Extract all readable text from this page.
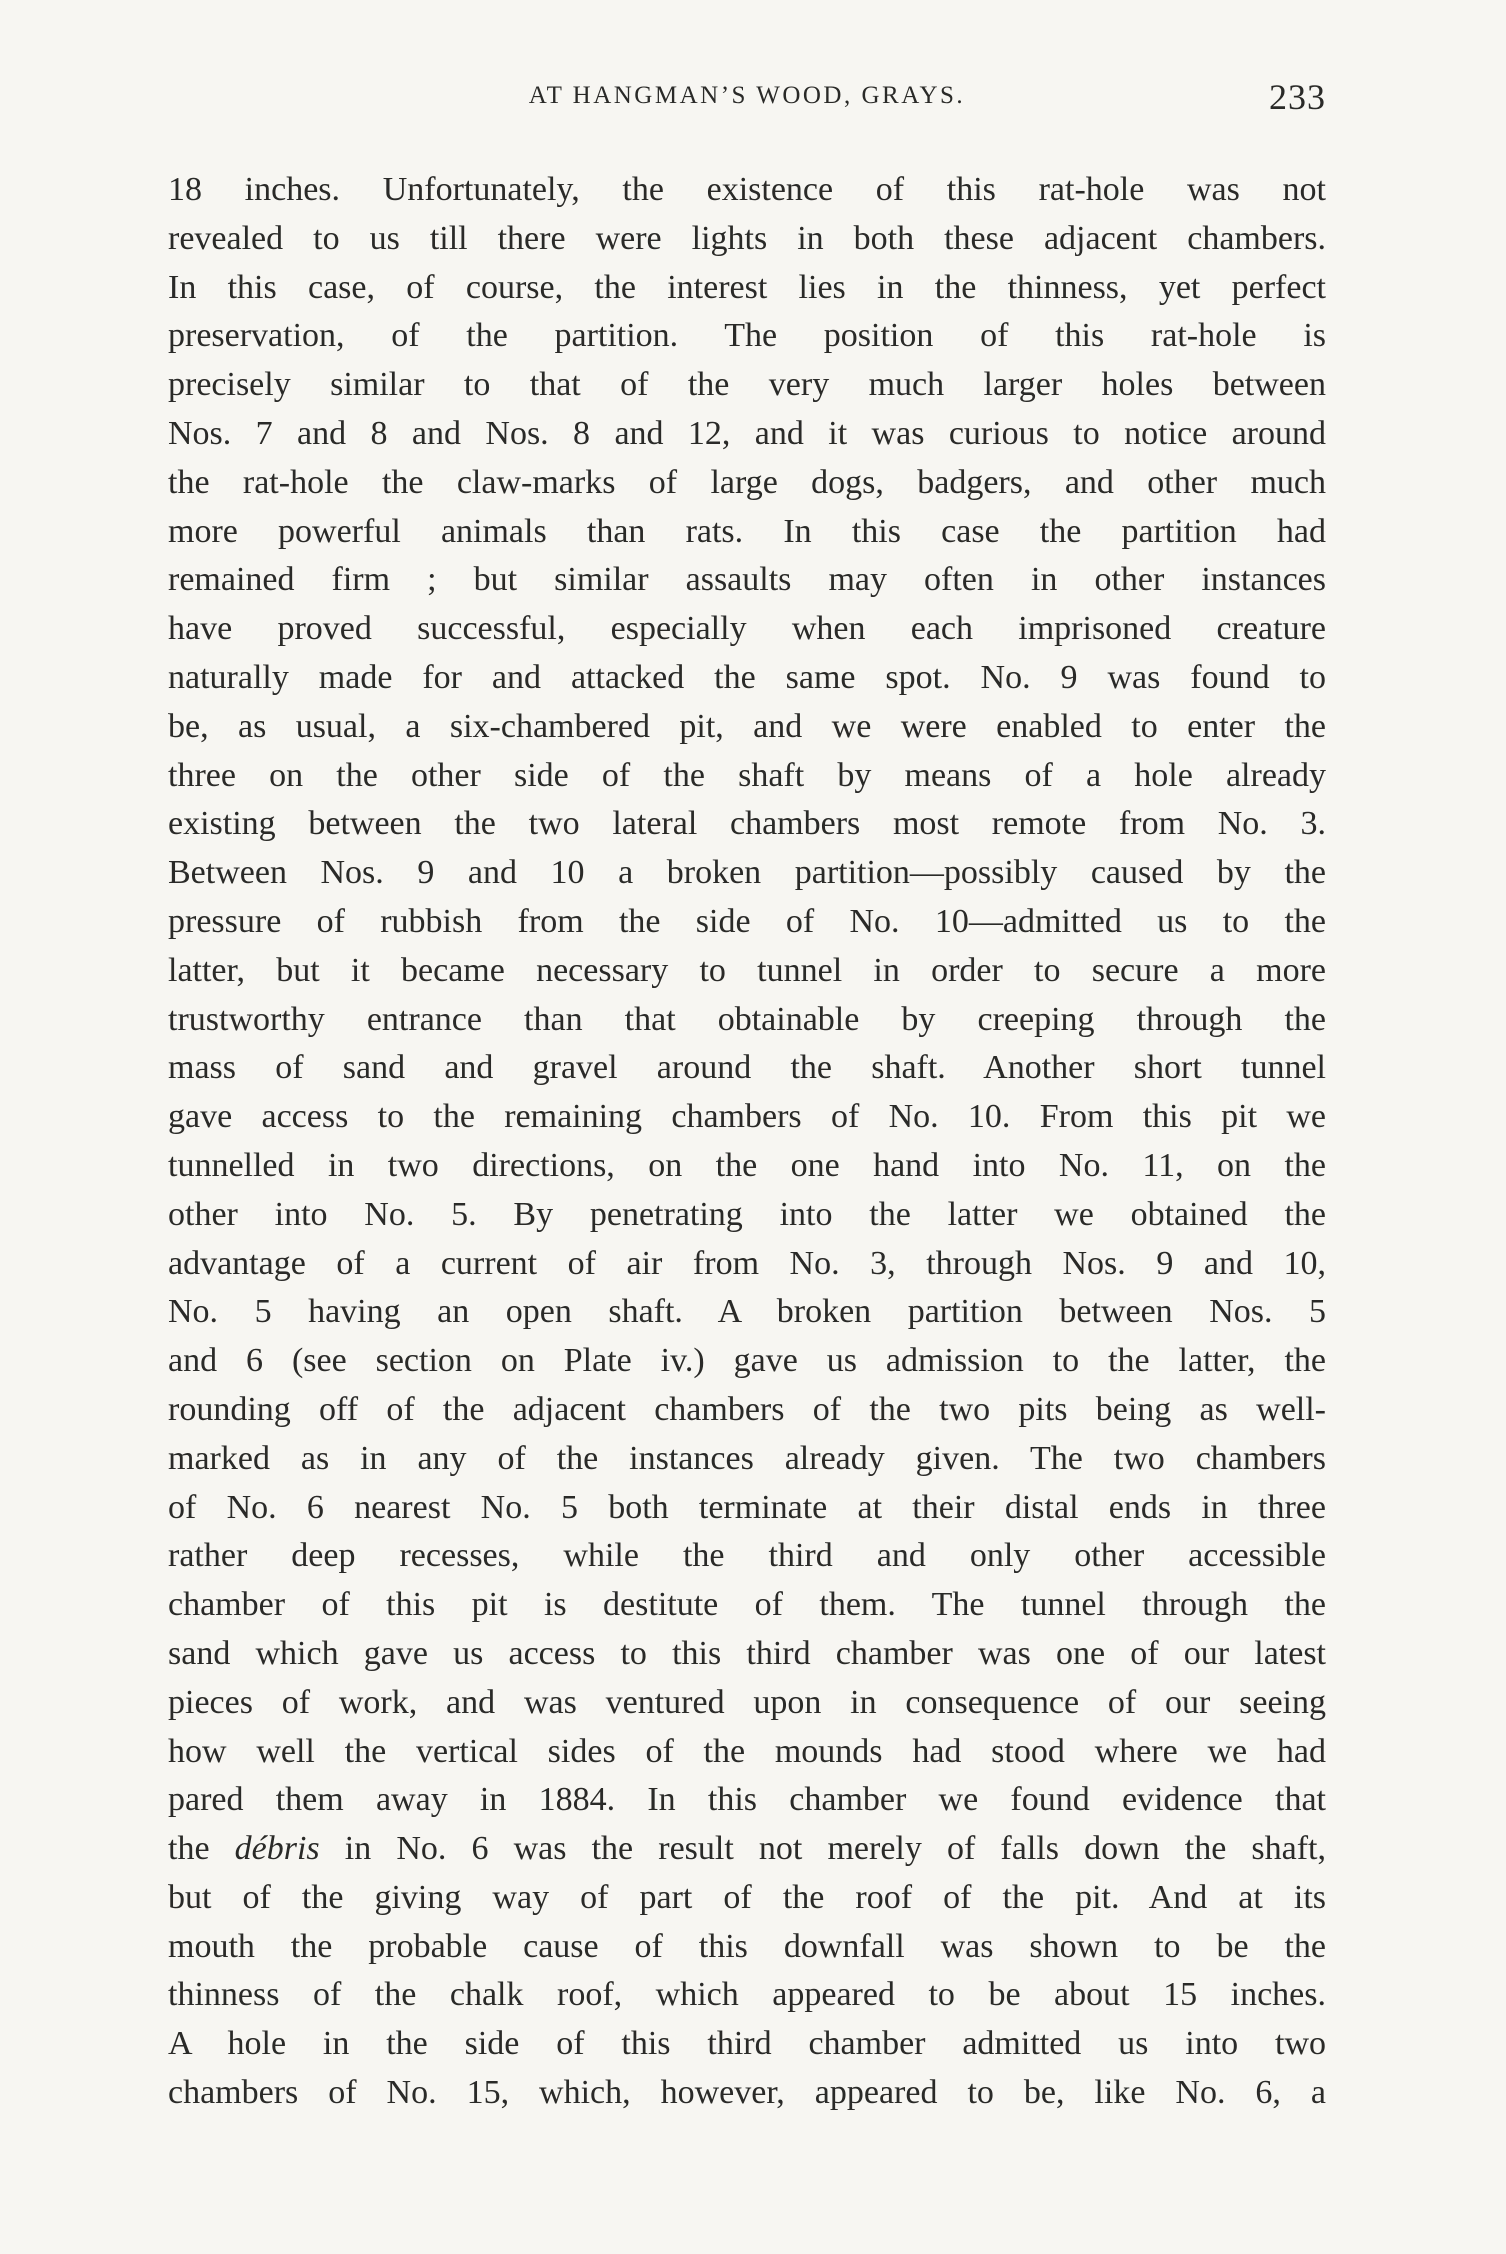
AT HANGMAN’S WOOD, GRAYS.	233
18 inches. Unfortunately, the existence of this rat-hole was not
revealed to us till there were lights in both these adjacent chambers.
In this case, of course, the interest lies in the thinness, yet perfect
preservation, of the partition. The position of this rat-hole is
precisely similar to that of the very much larger holes between
Nos. 7 and 8 and Nos. 8 and 12, and it was curious to notice around
the rat-hole the claw-marks of large dogs, badgers, and other much
more powerful animals than rats. In this case the partition had
remained firm ; but similar assaults may often in other instances
have proved successful, especially when each imprisoned creature
naturally made for and attacked the same spot. No. 9 was found to
be, as usual, a six-chambered pit, and we were enabled to enter the
three on the other side of the shaft by means of a hole already
existing between the two lateral chambers most remote from No. 3.
Between Nos. 9 and 10 a broken partition—possibly caused by the
pressure of rubbish from the side of No. 10—admitted us to the
latter, but it became necessary to tunnel in order to secure a more
trustworthy entrance than that obtainable by creeping through the
mass of sand and gravel around the shaft. Another short tunnel
gave access to the remaining chambers of No. 10. From this pit we
tunnelled in two directions, on the one hand into No. 11, on the
other into No. 5. By penetrating into the latter we obtained the
advantage of a current of air from No. 3, through Nos. 9 and 10,
No. 5 having an open shaft. A broken partition between Nos. 5
and 6 (see section on Plate iv.) gave us admission to the latter, the
rounding off of the adjacent chambers of the two pits being as well-
marked as in any of the instances already given. The two chambers
of No. 6 nearest No. 5 both terminate at their distal ends in three
rather deep recesses, while the third and only other accessible
chamber of this pit is destitute of them. The tunnel through the
sand which gave us access to this third chamber was one of our latest
pieces of work, and was ventured upon in consequence of our seeing
how well the vertical sides of the mounds had stood where we had
pared them away in 1884. In this chamber we found evidence that
the débris in No. 6 was the result not merely of falls down the shaft,
but of the giving way of part of the roof of the pit. And at its
mouth the probable cause of this downfall was shown to be the
thinness of the chalk roof, which appeared to be about 15 inches.
A hole in the side of this third chamber admitted us into two
chambers of No. 15, which, however, appeared to be, like No. 6, a
